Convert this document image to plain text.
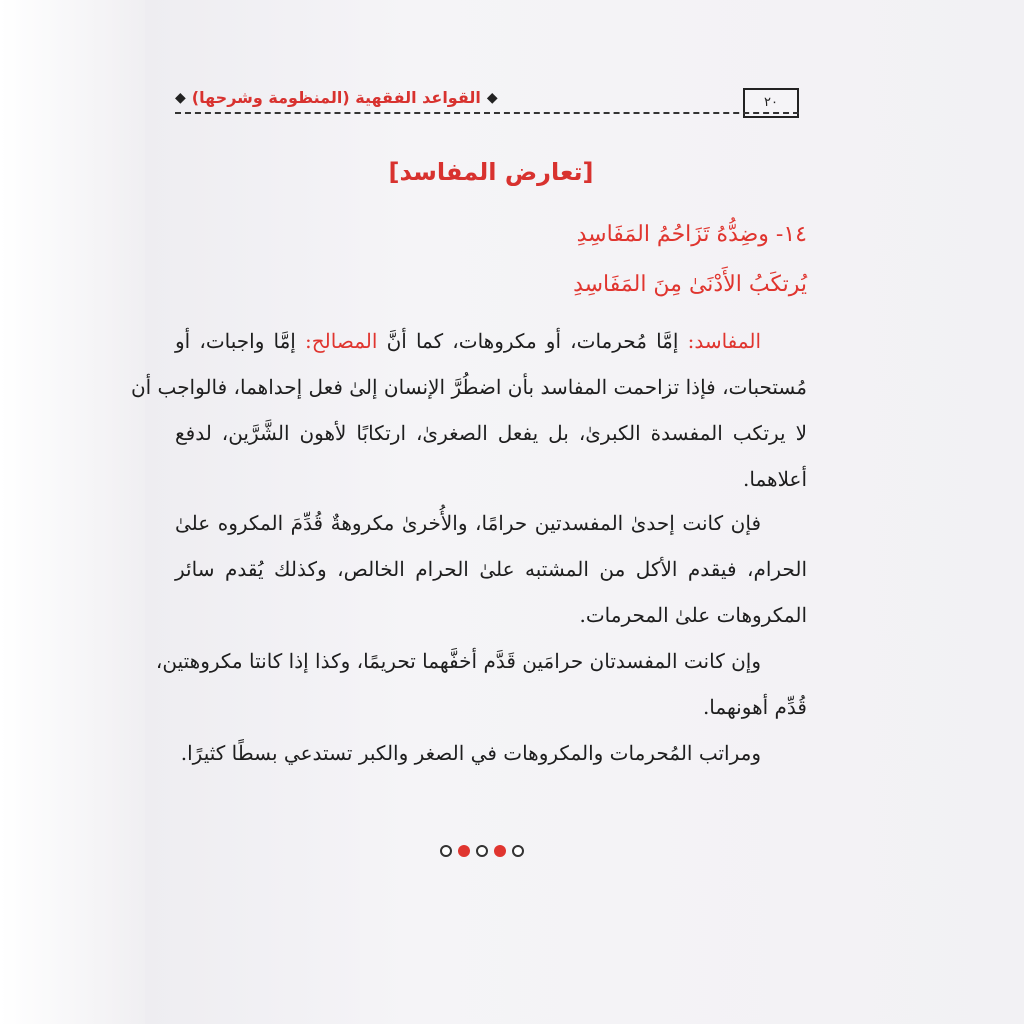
٢٠
◆
القواعد الفقهية (المنظومة وشرحها)
◆
[تعارض المفاسد]
١٤- وضِدُّهُ تَزَاحُمُ المَفَاسِدِ
يُرتكَبُ الأَدْنَىٰ مِنَ المَفَاسِدِ
المفاسد: إمَّا مُحرمات، أو مكروهات، كما أنَّ المصالح: إمَّا واجبات، أو
مُستحبات، فإذا تزاحمت المفاسد بأن اضطُرَّ الإنسان إلىٰ فعل إحداهما، فالواجب أن
لا يرتكب المفسدة الكبرىٰ، بل يفعل الصغرىٰ، ارتكابًا لأهون الشَّرَّين، لدفع
أعلاهما.
فإن كانت إحدىٰ المفسدتين حرامًا، والأُخرىٰ مكروهةٌ قُدِّمَ المكروه علىٰ
الحرام، فيقدم الأكل من المشتبه علىٰ الحرام الخالص، وكذلك يُقدم سائر
المكروهات علىٰ المحرمات.
وإن كانت المفسدتان حرامَين قَدَّم أخفَّهما تحريمًا، وكذا إذا كانتا مكروهتين،
قُدِّم أهونهما.
ومراتب المُحرمات والمكروهات في الصغر والكبر تستدعي بسطًا كثيرًا.
